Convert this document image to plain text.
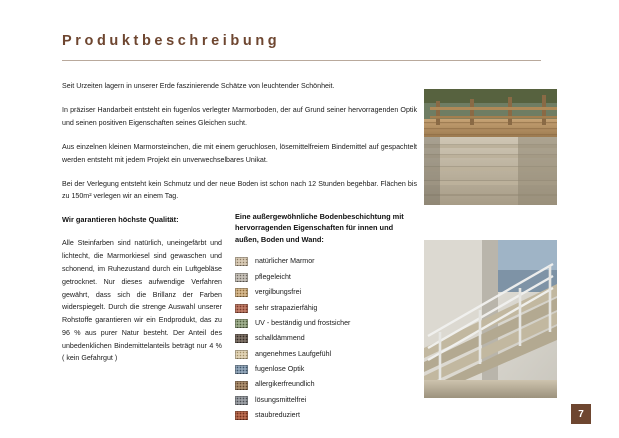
Produktbeschreibung

Seit Urzeiten lagern in unserer Erde faszinierende Schätze von leuchtender Schönheit.

In präziser Handarbeit entsteht ein fugenlos verlegter Marmorboden, der auf Grund seiner hervorragenden Optik und seinen positiven Eigenschaften seines Gleichen sucht.

Aus einzelnen kleinen Marmorsteinchen, die mit einem geruchlosen, lösemittelfreiem Bindemittel auf gespachtelt werden entsteht mit jedem Projekt ein unverwechselbares Unikat.

Bei der Verlegung entsteht kein Schmutz und der neue Boden ist schon nach 12 Stunden begehbar. Flächen bis zu 150m² verlegen wir an einem Tag.

Wir garantieren höchste Qualität:
Alle Steinfarben sind natürlich, uneingefärbt und lichtecht, die Marmorkiesel sind gewaschen und schonend, im Ruhezustand durch ein Luftgebläse getrocknet. Nur dieses aufwendige Verfahren gewährt, dass sich die Brillanz der Farben widerspiegelt. Durch die strenge Auswahl unserer Rohstoffe garantieren wir ein Endprodukt, das zu 96 % aus purer Natur besteht. Der Anteil des unbedenklichen Bindemittelanteils beträgt nur 4 % ( kein Gefahrgut )
Eine außergewöhnliche Bodenbeschichtung mit hervorragenden Eigenschaften für innen und außen, Boden und Wand:
natürlicher Marmor
pflegeleicht
vergilbungsfrei
sehr strapazierfähig
UV - beständig und frostsicher
schalldämmend
angenehmes Laufgefühl
fugenlose Optik
allergikerfreundlich
lösungsmittelfrei
staubreduziert	7
